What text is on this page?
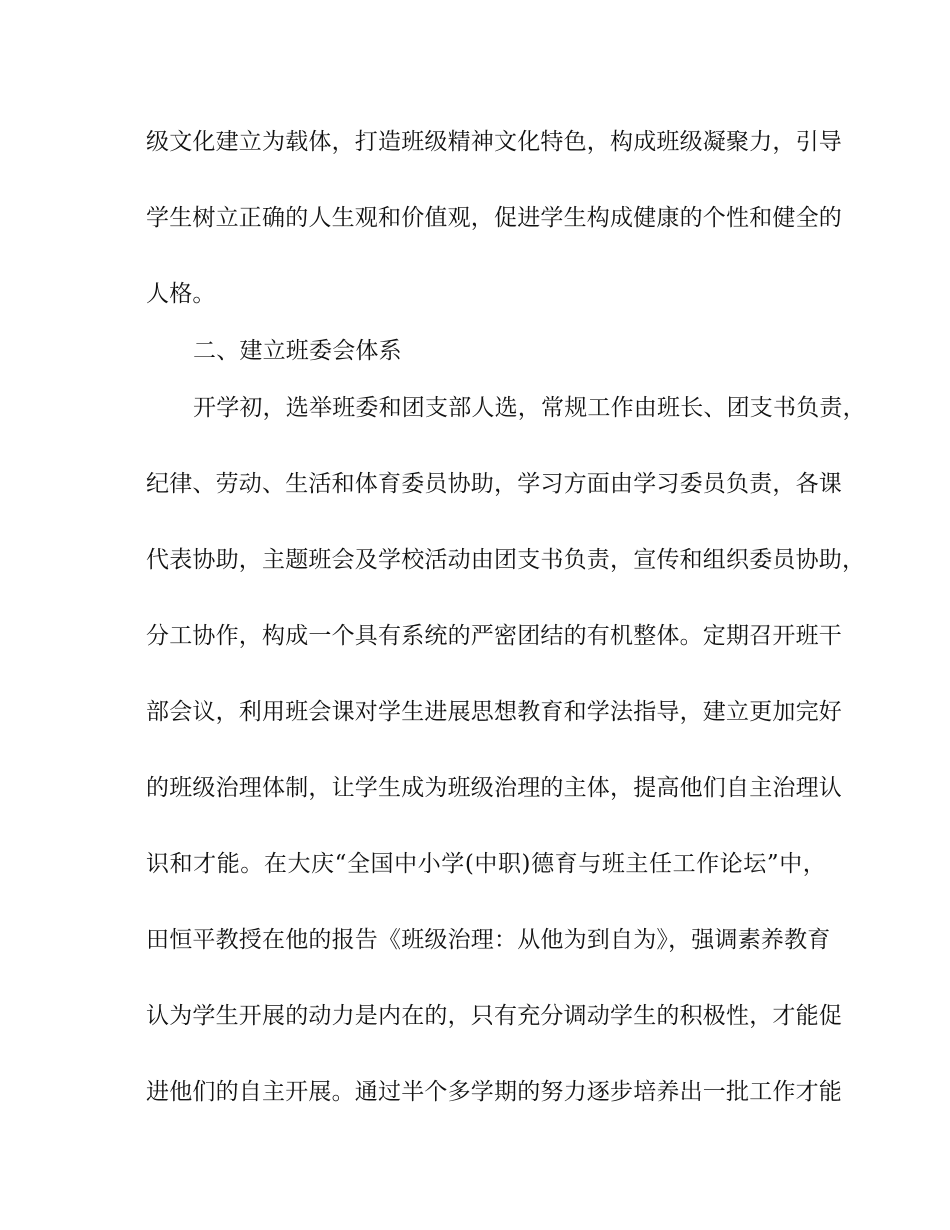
级文化建立为载体，打造班级精神文化特色，构成班级凝聚力，引导
学生树立正确的人生观和价值观，促进学生构成健康的个性和健全的
人格。
二、建立班委会体系
开学初，选举班委和团支部人选，常规工作由班长、团支书负责，
纪律、劳动、生活和体育委员协助，学习方面由学习委员负责，各课
代表协助，主题班会及学校活动由团支书负责，宣传和组织委员协助，
分工协作，构成一个具有系统的严密团结的有机整体。定期召开班干
部会议，利用班会课对学生进展思想教育和学法指导，建立更加完好
的班级治理体制，让学生成为班级治理的主体，提高他们自主治理认
识和才能。在大庆“全国中小学(中职)德育与班主任工作论坛”中，
田恒平教授在他的报告《班级治理：从他为到自为》，强调素养教育
认为学生开展的动力是内在的，只有充分调动学生的积极性，才能促
进他们的自主开展。通过半个多学期的努力逐步培养出一批工作才能
